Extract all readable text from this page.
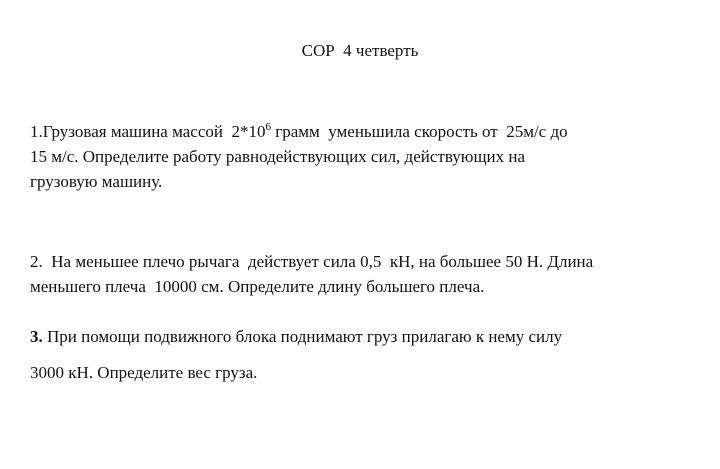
СОР  4 четверть
1.Грузовая машина массой  $2*10^6$ грамм  уменьшила скорость от  25м/с до
15 м/с. Определите работу равнодействующих сил, действующих на
грузовую машину.
2.  На меньшее плечо рычага  действует сила 0,5  кН, на большее 50 Н. Длина
меньшего плеча  10000 см. Определите длину большего плеча.
3. При помощи подвижного блока поднимают груз прилагаю к нему силу
3000 кН. Определите вес груза.
